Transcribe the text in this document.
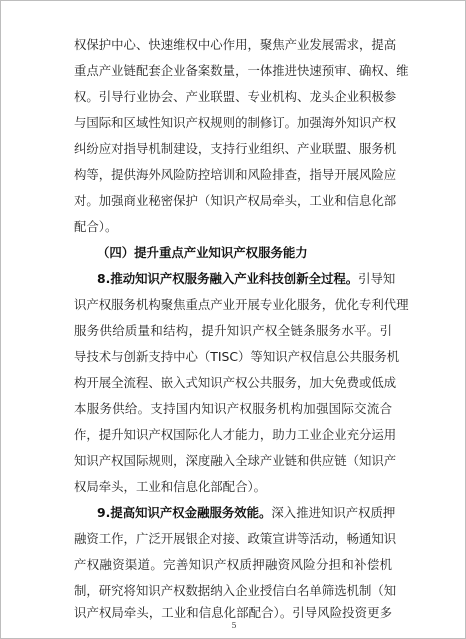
权保护中心、快速维权中心作用，聚焦产业发展需求，提高
重点产业链配套企业备案数量，一体推进快速预审、确权、维
权。引导行业协会、产业联盟、专业机构、龙头企业积极参
与国际和区域性知识产权规则的制修订。加强海外知识产权
纠纷应对指导机制建设，支持行业组织、产业联盟、服务机
构等，提供海外风险防控培训和风险排查，指导开展风险应
对。加强商业秘密保护（知识产权局牵头，工业和信息化部
配合）。
（四）提升重点产业知识产权服务能力
8.推动知识产权服务融入产业科技创新全过程。引导知
识产权服务机构聚焦重点产业开展专业化服务，优化专利代理
服务供给质量和结构，提升知识产权全链条服务水平。引
导技术与创新支持中心（TISC）等知识产权信息公共服务机
构开展全流程、嵌入式知识产权公共服务，加大免费或低成
本服务供给。支持国内知识产权服务机构加强国际交流合
作，提升知识产权国际化人才能力，助力工业企业充分运用
知识产权国际规则，深度融入全球产业链和供应链（知识产
权局牵头，工业和信息化部配合）。
9.提高知识产权金融服务效能。深入推进知识产权质押
融资工作，广泛开展银企对接、政策宣讲等活动，畅通知识
产权融资渠道。完善知识产权质押融资风险分担和补偿机
制，研究将知识产权数据纳入企业授信白名单筛选机制（知
识产权局牵头，工业和信息化部配合）。引导风险投资更多
5
